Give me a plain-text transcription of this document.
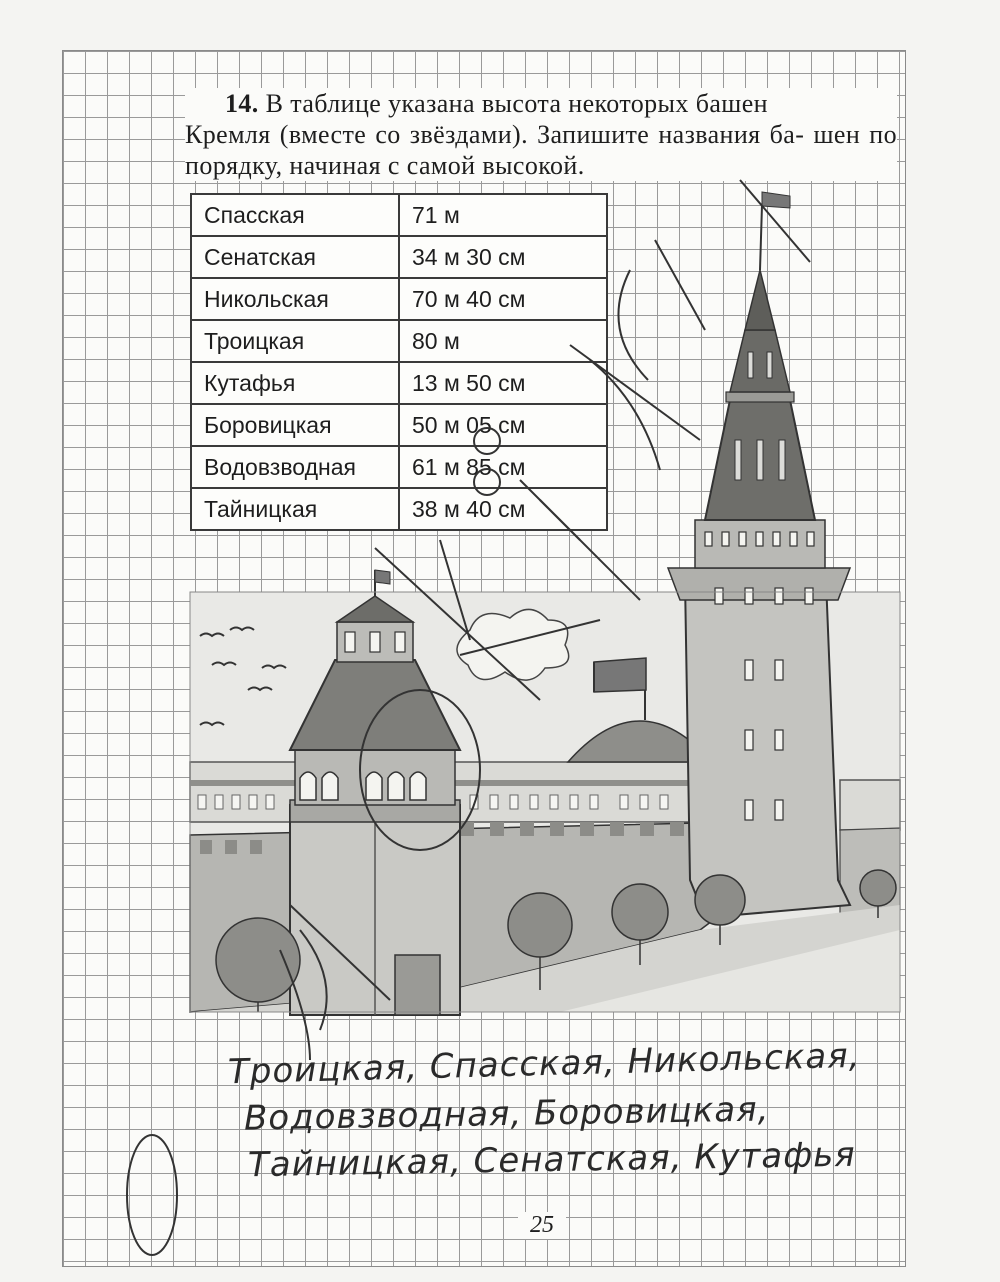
14. В таблице указана высота некоторых башен
Кремля (вместе со звёздами). Запишите названия ба- шен по порядку, начиная с самой высокой.

Спасская	71 м
Сенатская	34 м 30 см
Никольская	70 м 40 см
Троицкая	80 м
Кутафья	13 м 50 см
Боровицкая	50 м 05 см
Водовзводная	61 м 85 см
Тайницкая	38 м 40 см
Троицкая, Спасская, Никольская,
Водовзводная, Боровицкая,
Тайницкая, Сенатская, Кутафья
25
